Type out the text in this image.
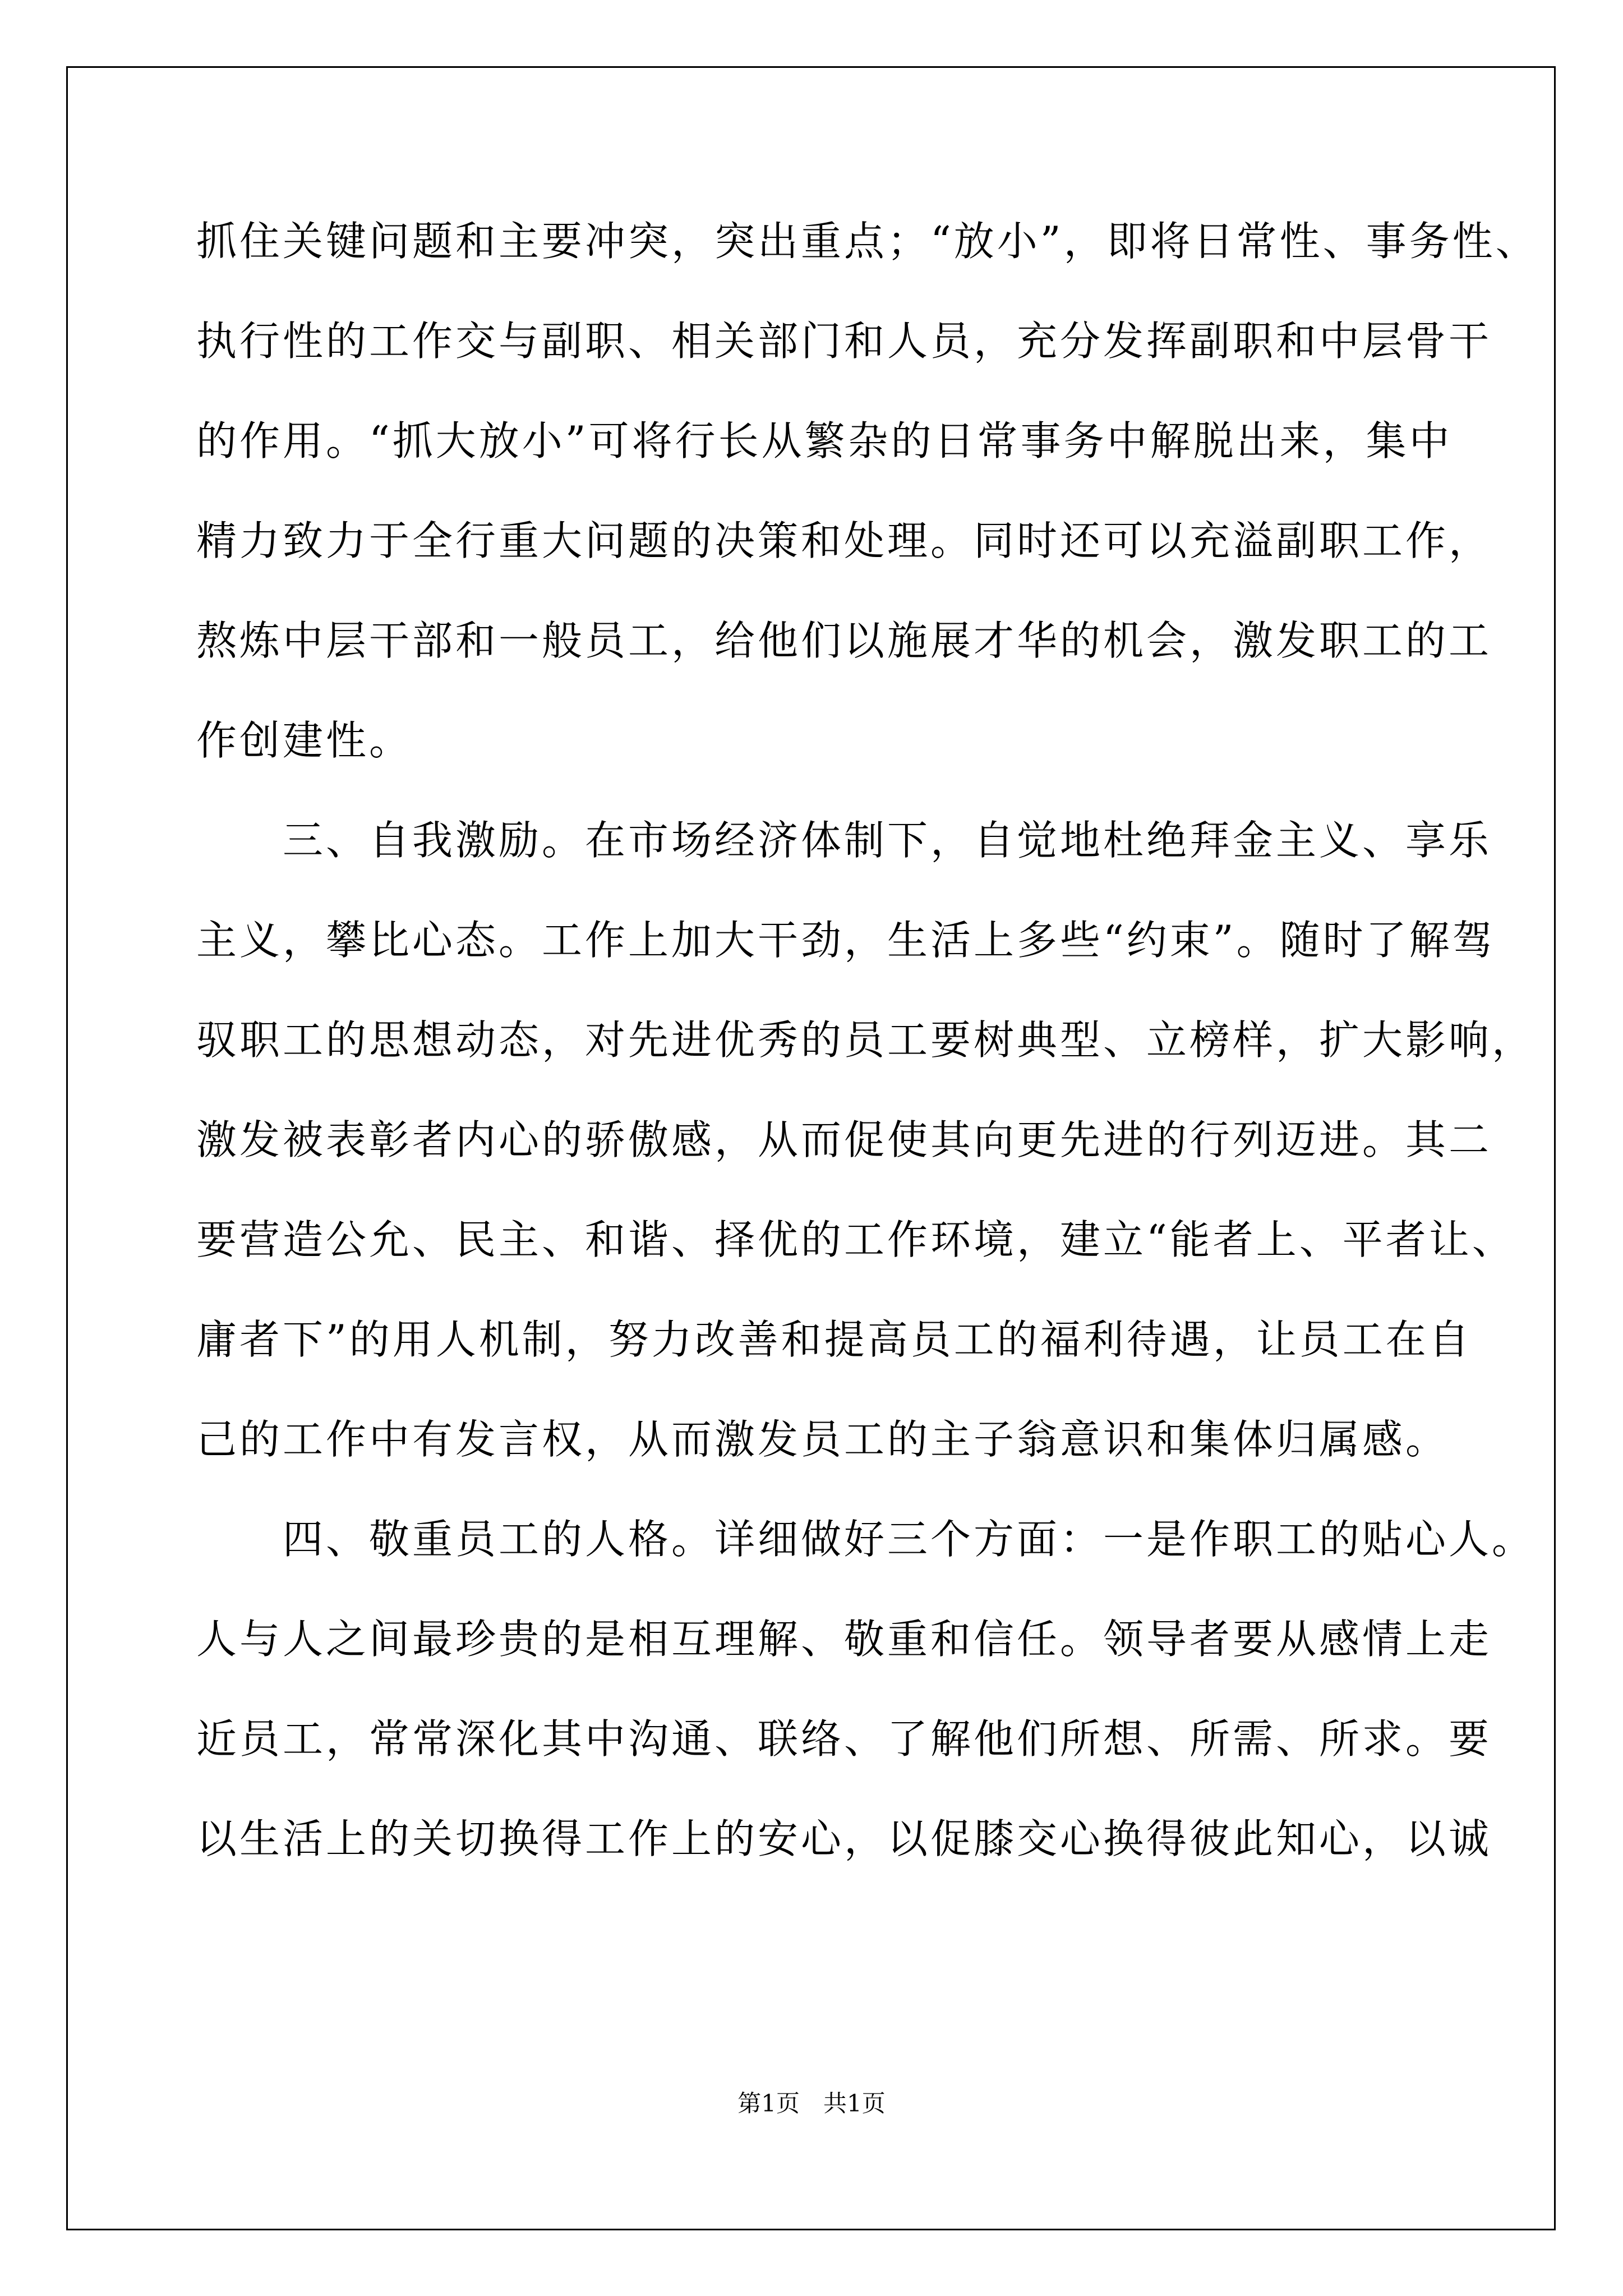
抓住关键问题和主要冲突，突出重点；“放小”，即将日常性、事务性、
执行性的工作交与副职、相关部门和人员，充分发挥副职和中层骨干
的作用。“抓大放小”可将行长从繁杂的日常事务中解脱出来，集中
精力致力于全行重大问题的决策和处理。同时还可以充溢副职工作，
熬炼中层干部和一般员工，给他们以施展才华的机会，激发职工的工
作创建性。
　　三、自我激励。在市场经济体制下，自觉地杜绝拜金主义、享乐
主义，攀比心态。工作上加大干劲，生活上多些“约束”。随时了解驾
驭职工的思想动态，对先进优秀的员工要树典型、立榜样，扩大影响，
激发被表彰者内心的骄傲感，从而促使其向更先进的行列迈进。其二
要营造公允、民主、和谐、择优的工作环境，建立“能者上、平者让、
庸者下”的用人机制，努力改善和提高员工的福利待遇，让员工在自
己的工作中有发言权，从而激发员工的主子翁意识和集体归属感。
　　四、敬重员工的人格。详细做好三个方面：一是作职工的贴心人。
人与人之间最珍贵的是相互理解、敬重和信任。领导者要从感情上走
近员工，常常深化其中沟通、联络、了解他们所想、所需、所求。要
以生活上的关切换得工作上的安心，以促膝交心换得彼此知心，以诚
第1页　共1页
